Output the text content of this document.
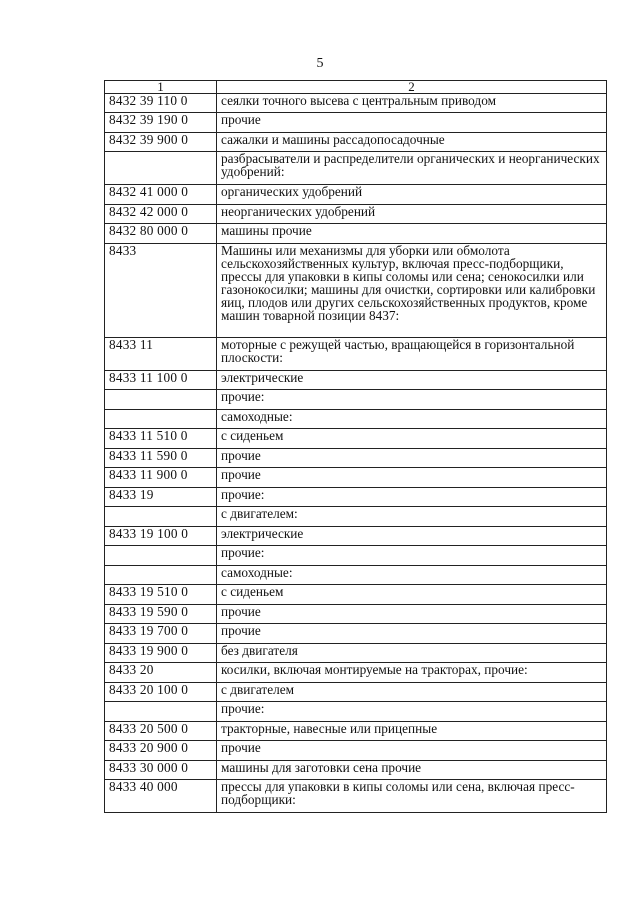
5
1	2
8432 39 110 0	сеялки точного высева с центральным приводом
8432 39 190 0	прочие
8432 39 900 0	сажалки и машины рассадопосадочные
	разбрасыватели и распределители органических и неорганических удобрений:
8432 41 000 0	органических удобрений
8432 42 000 0	неорганических удобрений
8432 80 000 0	машины прочие
8433	Машины или механизмы для уборки или обмолота сельскохозяйственных культур, включая пресс-подборщики, прессы для упаковки в кипы соломы или сена; сенокосилки или газонокосилки; машины для очистки, сортировки или калибровки яиц, плодов или других сельскохозяйственных продуктов, кроме машин товарной позиции 8437:
8433 11	моторные с режущей частью, вращающейся в горизонтальной плоскости:
8433 11 100 0	электрические
	прочие:
	самоходные:
8433 11 510 0	с сиденьем
8433 11 590 0	прочие
8433 11 900 0	прочие
8433 19	прочие:
	с двигателем:
8433 19 100 0	электрические
	прочие:
	самоходные:
8433 19 510 0	с сиденьем
8433 19 590 0	прочие
8433 19 700 0	прочие
8433 19 900 0	без двигателя
8433 20	косилки, включая монтируемые на тракторах, прочие:
8433 20 100 0	с двигателем
	прочие:
8433 20 500 0	тракторные, навесные или прицепные
8433 20 900 0	прочие
8433 30 000 0	машины для заготовки сена прочие
8433 40 000	прессы для упаковки в кипы соломы или сена, включая пресс-подборщики:
